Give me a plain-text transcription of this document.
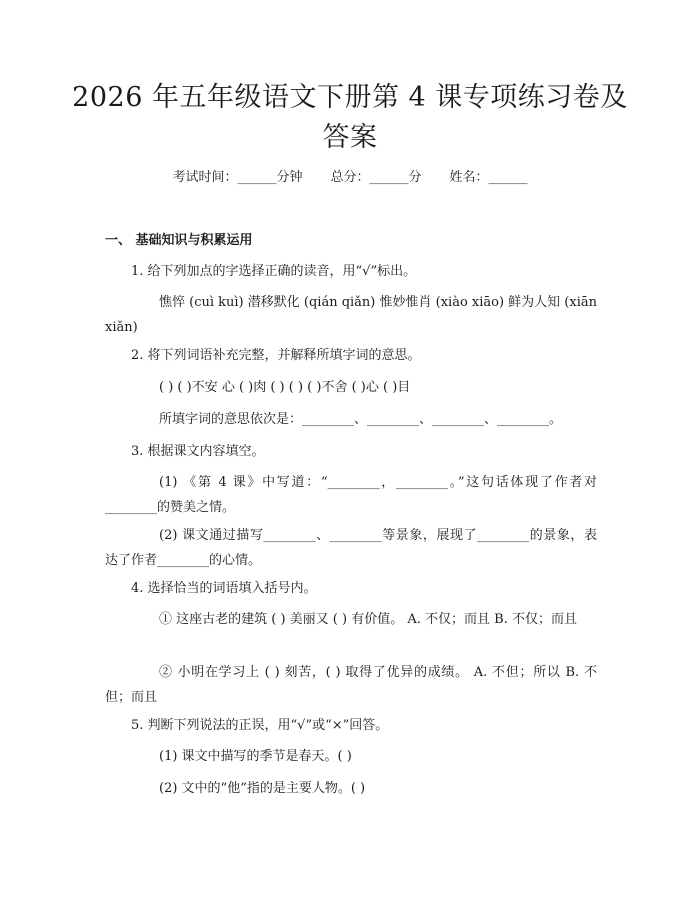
2026 年五年级语文下册第 4 课专项练习卷及答案
考试时间：______分钟 总分：______分 姓名：______
一、 基础知识与积累运用
1. 给下列加点的字选择正确的读音，用“√”标出。
憔悴 (cuì kuì) 潜移默化 (qián qiǎn) 惟妙惟肖 (xiào xiāo) 鲜为人知 (xiān xiǎn)
2. 将下列词语补充完整，并解释所填字词的意思。
( ) ( )不安 心 ( )肉 ( ) ( ) ( )不舍 ( )心 ( )目
所填字词的意思依次是：________、________、________、________。
3. 根据课文内容填空。
(1) 《第 4 课》中写道：“________，________。”这句话体现了作者对________的赞美之情。
(2) 课文通过描写________、________等景象，展现了________的景象，表达了作者________的心情。
4. 选择恰当的词语填入括号内。
① 这座古老的建筑 ( ) 美丽又 ( ) 有价值。 A. 不仅；而且 B. 不仅；而且
② 小明在学习上 ( ) 刻苦，( ) 取得了优异的成绩。 A. 不但；所以 B. 不但；而且
5. 判断下列说法的正误，用“√”或“×”回答。
(1) 课文中描写的季节是春天。( )
(2) 文中的“他”指的是主要人物。( )
